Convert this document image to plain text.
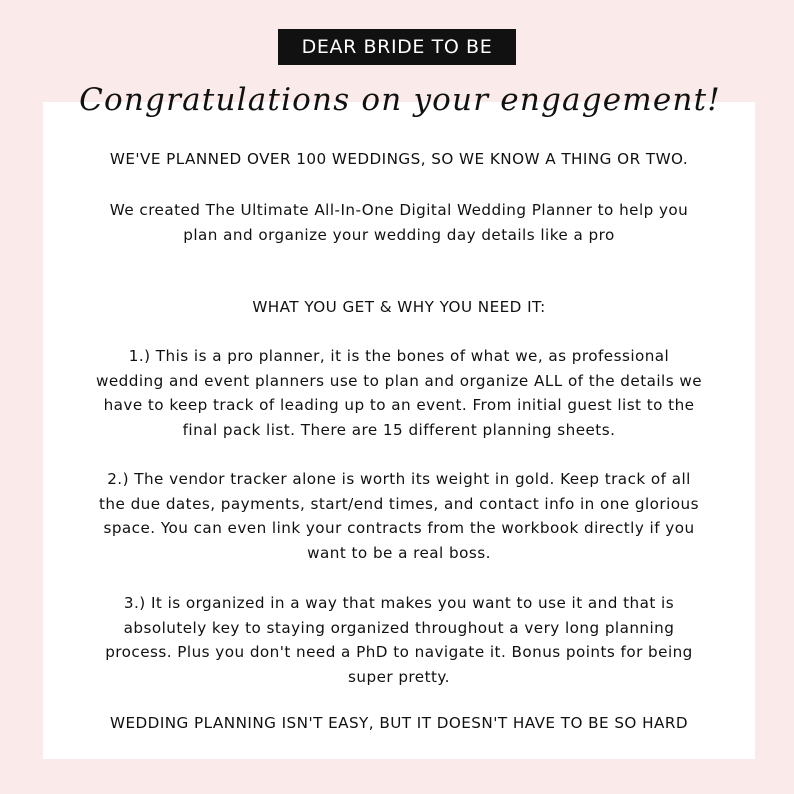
DEAR BRIDE TO BE
Congratulations on your engagement!

WE'VE PLANNED OVER 100 WEDDINGS, SO WE KNOW A THING OR TWO.

We created The Ultimate All-In-One Digital Wedding Planner to help you

plan and organize your wedding day details like a pro

WHAT YOU GET & WHY YOU NEED IT:

1.) This is a pro planner, it is the bones of what we, as professional

wedding and event planners use to plan and organize ALL of the details we

have to keep track of leading up to an event. From initial guest list to the

final pack list. There are 15 different planning sheets.

2.) The vendor tracker alone is worth its weight in gold. Keep track of all

the due dates, payments, start/end times, and contact info in one glorious

space. You can even link your contracts from the workbook directly if you

want to be a real boss.

3.) It is organized in a way that makes you want to use it and that is

absolutely key to staying organized throughout a very long planning

process. Plus you don't need a PhD to navigate it. Bonus points for being

super pretty.

WEDDING PLANNING ISN'T EASY, BUT IT DOESN'T HAVE TO BE SO HARD
